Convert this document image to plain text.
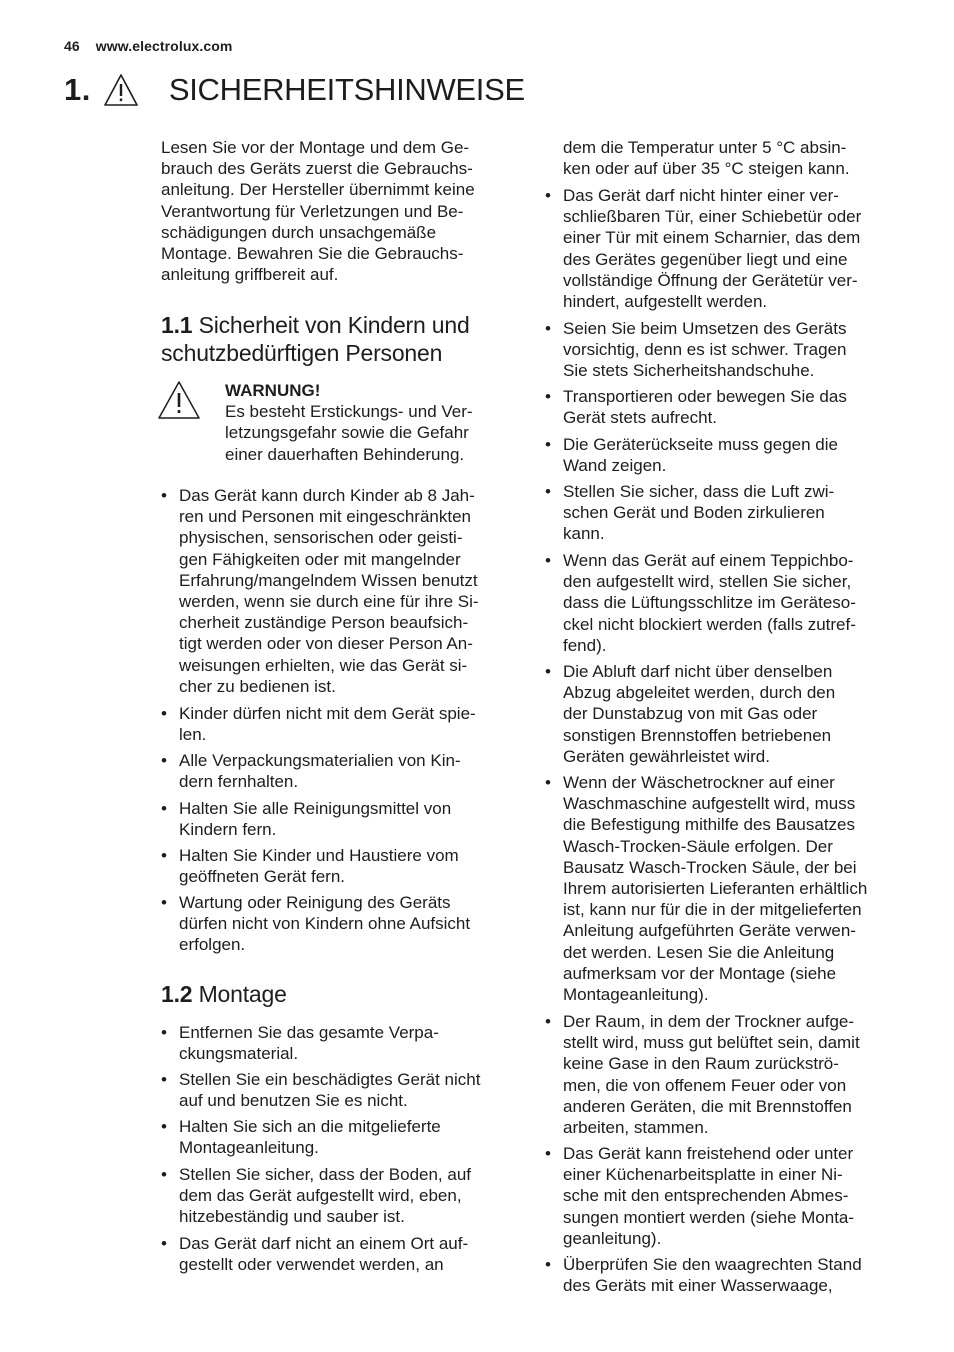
46 www.electrolux.com
1.	SICHERHEITSHINWEISE
Lesen Sie vor der Montage und dem Ge-
brauch des Geräts zuerst die Gebrauchs-
anleitung. Der Hersteller übernimmt keine
Verantwortung für Verletzungen und Be-
schädigungen durch unsachgemäße
Montage. Bewahren Sie die Gebrauchs-
anleitung griffbereit auf.
1.1 Sicherheit von Kindern und
schutzbedürftigen Personen
WARNUNG!
Es besteht Erstickungs- und Ver-
letzungsgefahr sowie die Gefahr
einer dauerhaften Behinderung.
• Das Gerät kann durch Kinder ab 8 Jah-
ren und Personen mit eingeschränkten
physischen, sensorischen oder geisti-
gen Fähigkeiten oder mit mangelnder
Erfahrung/mangelndem Wissen benutzt
werden, wenn sie durch eine für ihre Si-
cherheit zuständige Person beaufsich-
tigt werden oder von dieser Person An-
weisungen erhielten, wie das Gerät si-
cher zu bedienen ist.
• Kinder dürfen nicht mit dem Gerät spie-
len.
• Alle Verpackungsmaterialien von Kin-
dern fernhalten.
• Halten Sie alle Reinigungsmittel von
Kindern fern.
• Halten Sie Kinder und Haustiere vom
geöffneten Gerät fern.
• Wartung oder Reinigung des Geräts
dürfen nicht von Kindern ohne Aufsicht
erfolgen.
1.2 Montage
• Entfernen Sie das gesamte Verpa-
ckungsmaterial.
• Stellen Sie ein beschädigtes Gerät nicht
auf und benutzen Sie es nicht.
• Halten Sie sich an die mitgelieferte
Montageanleitung.
• Stellen Sie sicher, dass der Boden, auf
dem das Gerät aufgestellt wird, eben,
hitzebeständig und sauber ist.
• Das Gerät darf nicht an einem Ort auf-
gestellt oder verwendet werden, an
dem die Temperatur unter 5 °C absin-
ken oder auf über 35 °C steigen kann.
• Das Gerät darf nicht hinter einer ver-
schließbaren Tür, einer Schiebetür oder
einer Tür mit einem Scharnier, das dem
des Gerätes gegenüber liegt und eine
vollständige Öffnung der Gerätetür ver-
hindert, aufgestellt werden.
• Seien Sie beim Umsetzen des Geräts
vorsichtig, denn es ist schwer. Tragen
Sie stets Sicherheitshandschuhe.
• Transportieren oder bewegen Sie das
Gerät stets aufrecht.
• Die Geräterückseite muss gegen die
Wand zeigen.
• Stellen Sie sicher, dass die Luft zwi-
schen Gerät und Boden zirkulieren
kann.
• Wenn das Gerät auf einem Teppichbo-
den aufgestellt wird, stellen Sie sicher,
dass die Lüftungsschlitze im Geräteso-
ckel nicht blockiert werden (falls zutref-
fend).
• Die Abluft darf nicht über denselben
Abzug abgeleitet werden, durch den
der Dunstabzug von mit Gas oder
sonstigen Brennstoffen betriebenen
Geräten gewährleistet wird.
• Wenn der Wäschetrockner auf einer
Waschmaschine aufgestellt wird, muss
die Befestigung mithilfe des Bausatzes
Wasch-Trocken-Säule erfolgen. Der
Bausatz Wasch-Trocken Säule, der bei
Ihrem autorisierten Lieferanten erhältlich
ist, kann nur für die in der mitgelieferten
Anleitung aufgeführten Geräte verwen-
det werden. Lesen Sie die Anleitung
aufmerksam vor der Montage (siehe
Montageanleitung).
• Der Raum, in dem der Trockner aufge-
stellt wird, muss gut belüftet sein, damit
keine Gase in den Raum zurückströ-
men, die von offenem Feuer oder von
anderen Geräten, die mit Brennstoffen
arbeiten, stammen.
• Das Gerät kann freistehend oder unter
einer Küchenarbeitsplatte in einer Ni-
sche mit den entsprechenden Abmes-
sungen montiert werden (siehe Monta-
geanleitung).
• Überprüfen Sie den waagrechten Stand
des Geräts mit einer Wasserwaage,
